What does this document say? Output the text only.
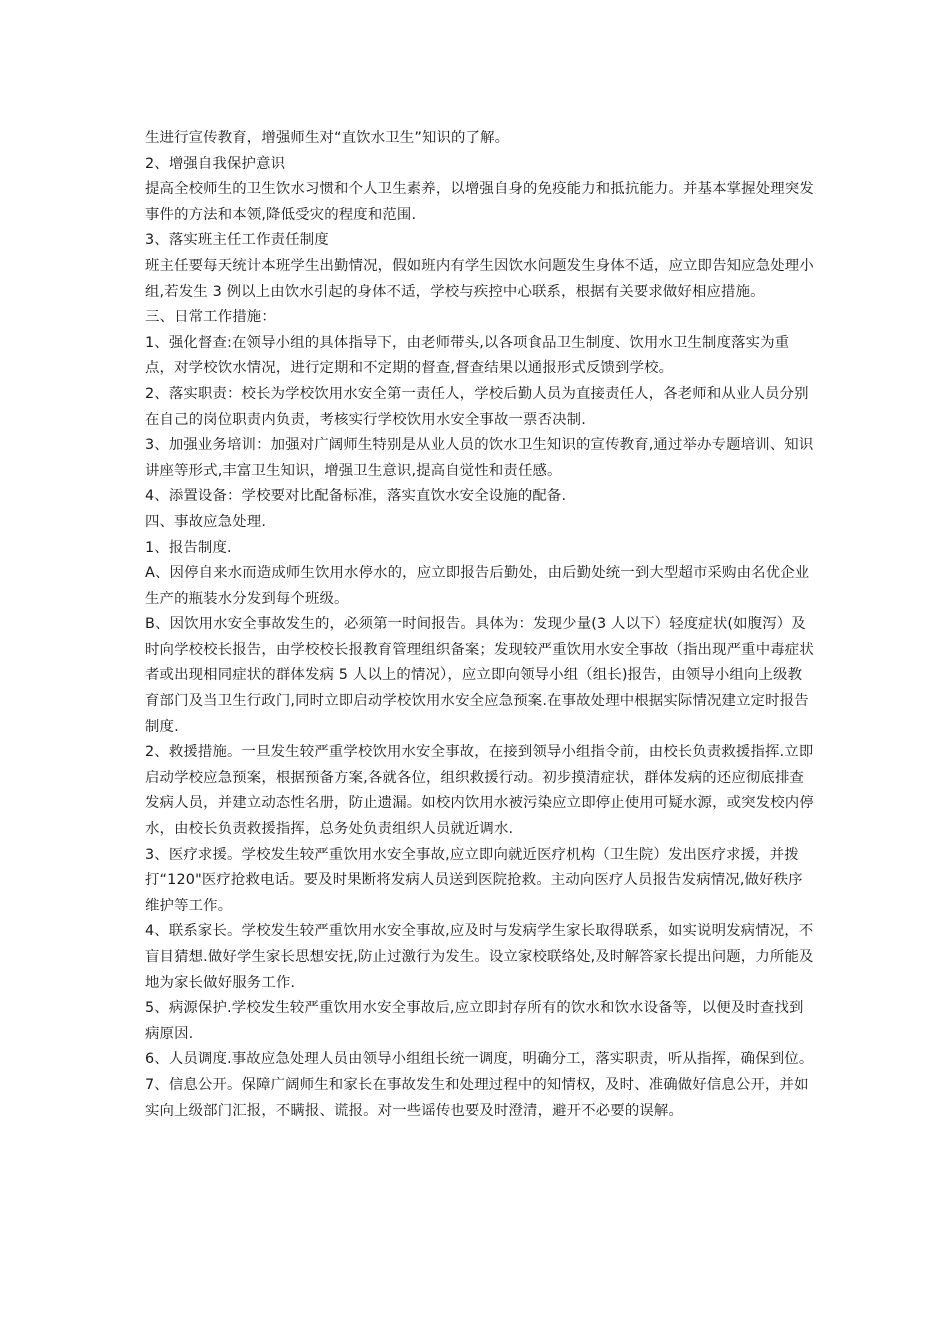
生进行宣传教育，增强师生对“直饮水卫生”知识的了解。

2、增强自我保护意识

提高全校师生的卫生饮水习惯和个人卫生素养，以增强自身的免疫能力和抵抗能力。并基本掌握处理突发事件的方法和本领,降低受灾的程度和范围.

3、落实班主任工作责任制度

班主任要每天统计本班学生出勤情况，假如班内有学生因饮水问题发生身体不适，应立即告知应急处理小组,若发生 3 例以上由饮水引起的身体不适，学校与疾控中心联系，根据有关要求做好相应措施。

三、日常工作措施：

1、强化督查:在领导小组的具体指导下，由老师带头,以各项食品卫生制度、饮用水卫生制度落实为重点，对学校饮水情况，进行定期和不定期的督查,督查结果以通报形式反馈到学校。

2、落实职责：校长为学校饮用水安全第一责任人，学校后勤人员为直接责任人，各老师和从业人员分别在自己的岗位职责内负责，考核实行学校饮用水安全事故一票否决制.

3、加强业务培训：加强对广阔师生特别是从业人员的饮水卫生知识的宣传教育,通过举办专题培训、知识讲座等形式,丰富卫生知识，增强卫生意识,提高自觉性和责任感。

4、添置设备：学校要对比配备标准，落实直饮水安全设施的配备.

四、事故应急处理.

1、报告制度.

A、因停自来水而造成师生饮用水停水的，应立即报告后勤处，由后勤处统一到大型超市采购由名优企业生产的瓶装水分发到每个班级。

B、因饮用水安全事故发生的，必须第一时间报告。具体为：发现少量(3 人以下）轻度症状(如腹泻）及时向学校校长报告，由学校校长报教育管理组织备案；发现较严重饮用水安全事故（指出现严重中毒症状者或出现相同症状的群体发病 5 人以上的情况），应立即向领导小组（组长)报告，由领导小组向上级教育部门及当卫生行政门,同时立即启动学校饮用水安全应急预案.在事故处理中根据实际情况建立定时报告制度.

2、救援措施。一旦发生较严重学校饮用水安全事故，在接到领导小组指令前，由校长负责救援指挥.立即启动学校应急预案，根据预备方案,各就各位，组织救援行动。初步摸清症状，群体发病的还应彻底排查发病人员，并建立动态性名册，防止遗漏。如校内饮用水被污染应立即停止使用可疑水源，或突发校内停水，由校长负责救援指挥，总务处负责组织人员就近调水.

3、医疗求援。学校发生较严重饮用水安全事故,应立即向就近医疗机构（卫生院）发出医疗求援，并拨打“120"医疗抢救电话。要及时果断将发病人员送到医院抢救。主动向医疗人员报告发病情况,做好秩序维护等工作。

4、联系家长。学校发生较严重饮用水安全事故,应及时与发病学生家长取得联系，如实说明发病情况，不盲目猜想.做好学生家长思想安抚,防止过激行为发生。设立家校联络处,及时解答家长提出问题，力所能及地为家长做好服务工作.

5、病源保护.学校发生较严重饮用水安全事故后,应立即封存所有的饮水和饮水设备等，以便及时查找到病原因.

6、人员调度.事故应急处理人员由领导小组组长统一调度，明确分工，落实职责，听从指挥，确保到位。

7、信息公开。保障广阔师生和家长在事故发生和处理过程中的知情权，及时、准确做好信息公开，并如实向上级部门汇报，不瞒报、谎报。对一些谣传也要及时澄清，避开不必要的误解。
